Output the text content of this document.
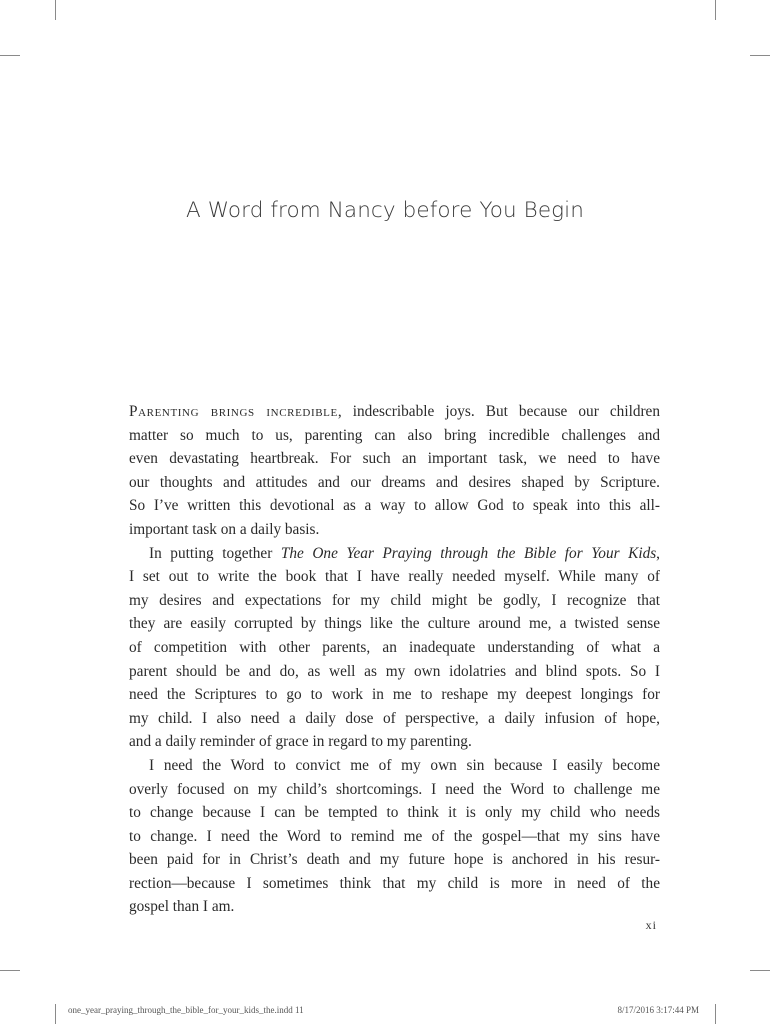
A Word from Nancy before You Begin
Parenting brings incredible, indescribable joys. But because our children
matter so much to us, parenting can also bring incredible challenges and
even devastating heartbreak. For such an important task, we need to have
our thoughts and attitudes and our dreams and desires shaped by Scripture.
So I’ve written this devotional as a way to allow God to speak into this all-
important task on a daily basis.
In putting together The One Year Praying through the Bible for Your Kids,
I set out to write the book that I have really needed myself. While many of
my desires and expectations for my child might be godly, I recognize that
they are easily corrupted by things like the culture around me, a twisted sense
of competition with other parents, an inadequate understanding of what a
parent should be and do, as well as my own idolatries and blind spots. So I
need the Scriptures to go to work in me to reshape my deepest longings for
my child. I also need a daily dose of perspective, a daily infusion of hope,
and a daily reminder of grace in regard to my parenting.
I need the Word to convict me of my own sin because I easily become
overly focused on my child’s shortcomings. I need the Word to challenge me
to change because I can be tempted to think it is only my child who needs
to change. I need the Word to remind me of the gospel—that my sins have
been paid for in Christ’s death and my future hope is anchored in his resur-
rection—because I sometimes think that my child is more in need of the
gospel than I am.
xi
one_year_praying_through_the_bible_for_your_kids_the.indd 11	8/17/2016 3:17:44 PM
